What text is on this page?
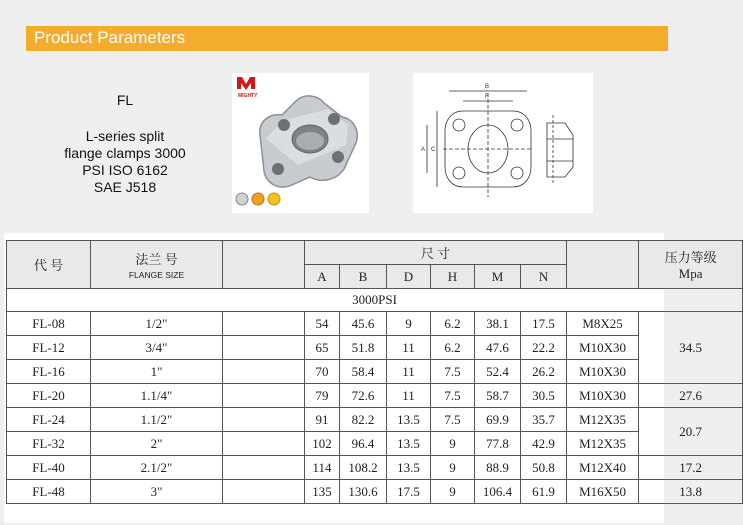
Product Parameters
FL
L-series split
flange clamps 3000
PSI ISO 6162
SAE J518
MIGHTY
B
F
C
A
代 号	法兰 号
FLANGE SIZE		尺 寸							压力等级
Mpa
			A	B	D	H	M	N		
3000PSI										
FL-08	1/2"		54	45.6	9	6.2	38.1	17.5	M8X25	34.5
FL-12	3/4"		65	51.8	11	6.2	47.6	22.2	M10X30	
FL-16	1"		70	58.4	11	7.5	52.4	26.2	M10X30	
FL-20	1.1/4"		79	72.6	11	7.5	58.7	30.5	M10X30	27.6
FL-24	1.1/2"		91	82.2	13.5	7.5	69.9	35.7	M12X35	20.7
FL-32	2"		102	96.4	13.5	9	77.8	42.9	M12X35	
FL-40	2.1/2"		114	108.2	13.5	9	88.9	50.8	M12X40	17.2
FL-48	3"		135	130.6	17.5	9	106.4	61.9	M16X50	13.8
